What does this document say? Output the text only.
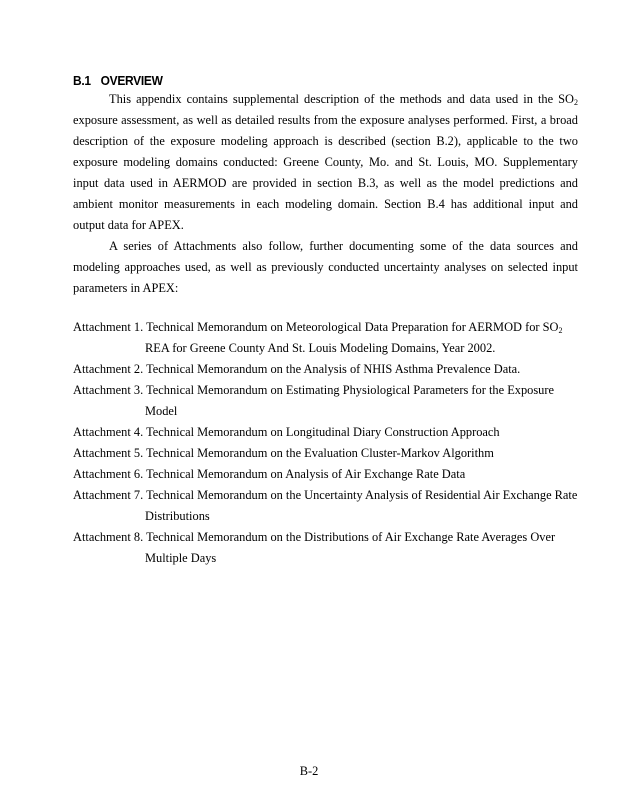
B.1 OVERVIEW

This appendix contains supplemental description of the methods and data used in the $SO_2$ exposure assessment, as well as detailed results from the exposure analyses performed. First, a broad description of the exposure modeling approach is described (section B.2), applicable to the two exposure modeling domains conducted: Greene County, Mo. and St. Louis, MO. Supplementary input data used in AERMOD are provided in section B.3, as well as the model predictions and ambient monitor measurements in each modeling domain. Section B.4 has additional input and output data for APEX.

A series of Attachments also follow, further documenting some of the data sources and modeling approaches used, as well as previously conducted uncertainty analyses on selected input parameters in APEX:

Attachment 1. Technical Memorandum on Meteorological Data Preparation for AERMOD for $SO_2$ REA for Greene County And St. Louis Modeling Domains, Year 2002.
Attachment 2. Technical Memorandum on the Analysis of NHIS Asthma Prevalence Data.
Attachment 3. Technical Memorandum on Estimating Physiological Parameters for the Exposure Model
Attachment 4. Technical Memorandum on Longitudinal Diary Construction Approach
Attachment 5. Technical Memorandum on the Evaluation Cluster-Markov Algorithm
Attachment 6. Technical Memorandum on Analysis of Air Exchange Rate Data
Attachment 7. Technical Memorandum on the Uncertainty Analysis of Residential Air Exchange Rate Distributions
Attachment 8. Technical Memorandum on the Distributions of Air Exchange Rate Averages Over Multiple Days
B-2
